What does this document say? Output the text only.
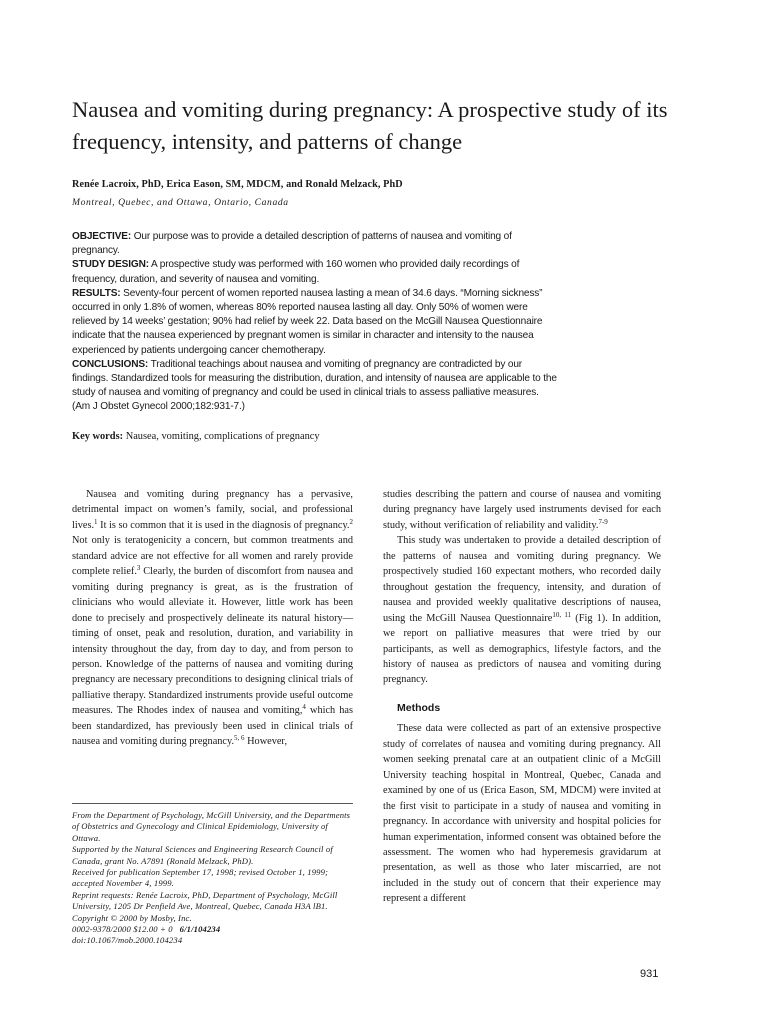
Nausea and vomiting during pregnancy: A prospective study of its frequency, intensity, and patterns of change

Renée Lacroix, PhD, Erica Eason, SM, MDCM, and Ronald Melzack, PhD

Montreal, Quebec, and Ottawa, Ontario, Canada

OBJECTIVE: Our purpose was to provide a detailed description of patterns of nausea and vomiting of pregnancy.

STUDY DESIGN: A prospective study was performed with 160 women who provided daily recordings of frequency, duration, and severity of nausea and vomiting.

RESULTS: Seventy-four percent of women reported nausea lasting a mean of 34.6 days. “Morning sickness” occurred in only 1.8% of women, whereas 80% reported nausea lasting all day. Only 50% of women were relieved by 14 weeks’ gestation; 90% had relief by week 22. Data based on the McGill Nausea Questionnaire indicate that the nausea experienced by pregnant women is similar in character and intensity to the nausea experienced by patients undergoing cancer chemotherapy.

CONCLUSIONS: Traditional teachings about nausea and vomiting of pregnancy are contradicted by our findings. Standardized tools for measuring the distribution, duration, and intensity of nausea are applicable to the study of nausea and vomiting of pregnancy and could be used in clinical trials to assess palliative measures. (Am J Obstet Gynecol 2000;182:931-7.)

Key words: Nausea, vomiting, complications of pregnancy

Nausea and vomiting during pregnancy has a pervasive, detrimental impact on women’s family, social, and professional lives.$^1$ It is so common that it is used in the diagnosis of pregnancy.$^2$ Not only is teratogenicity a concern, but common treatments and standard advice are not effective for all women and rarely provide complete relief.$^3$ Clearly, the burden of discomfort from nausea and vomiting during pregnancy is great, as is the frustration of clinicians who would alleviate it. However, little work has been done to precisely and prospectively delineate its natural history—timing of onset, peak and resolution, duration, and variability in intensity throughout the day, from day to day, and from person to person. Knowledge of the patterns of nausea and vomiting during pregnancy are necessary preconditions to designing clinical trials of palliative therapy. Standardized instruments provide useful outcome measures. The Rhodes index of nausea and vomiting,$^4$ which has been standardized, has previously been used in clinical trials of nausea and vomiting during pregnancy.$^{5, 6}$ However,

studies describing the pattern and course of nausea and vomiting during pregnancy have largely used instruments devised for each study, without verification of reliability and validity.$^{7-9}$

This study was undertaken to provide a detailed description of the patterns of nausea and vomiting during pregnancy. We prospectively studied 160 expectant mothers, who recorded daily throughout gestation the frequency, intensity, and duration of nausea and provided weekly qualitative descriptions of nausea, using the McGill Nausea Questionnaire$^{10, 11}$ (Fig 1). In addition, we report on palliative measures that were tried by our participants, as well as demographics, lifestyle factors, and the history of nausea as predictors of nausea and vomiting during pregnancy.

Methods

These data were collected as part of an extensive prospective study of correlates of nausea and vomiting during pregnancy. All women seeking prenatal care at an outpatient clinic of a McGill University teaching hospital in Montreal, Quebec, Canada and examined by one of us (Erica Eason, SM, MDCM) were invited at the first visit to participate in a study of nausea and vomiting in pregnancy. In accordance with university and hospital policies for human experimentation, informed consent was obtained before the assessment. The women who had hyperemesis gravidarum at presentation, as well as those who later miscarried, are not included in the study out of concern that their experience may represent a different

From the Department of Psychology, McGill University, and the Departments of Obstetrics and Gynecology and Clinical Epidemiology, University of Ottawa.
Supported by the Natural Sciences and Engineering Research Council of Canada, grant No. A7891 (Ronald Melzack, PhD).
Received for publication September 17, 1998; revised October 1, 1999; accepted November 4, 1999.
Reprint requests: Renée Lacroix, PhD, Department of Psychology, McGill University, 1205 Dr Penfield Ave, Montreal, Quebec, Canada H3A lB1.
Copyright © 2000 by Mosby, Inc.
0002-9378/2000 $12.00 + 0 6/1/104234
doi:10.1067/mob.2000.104234
931
